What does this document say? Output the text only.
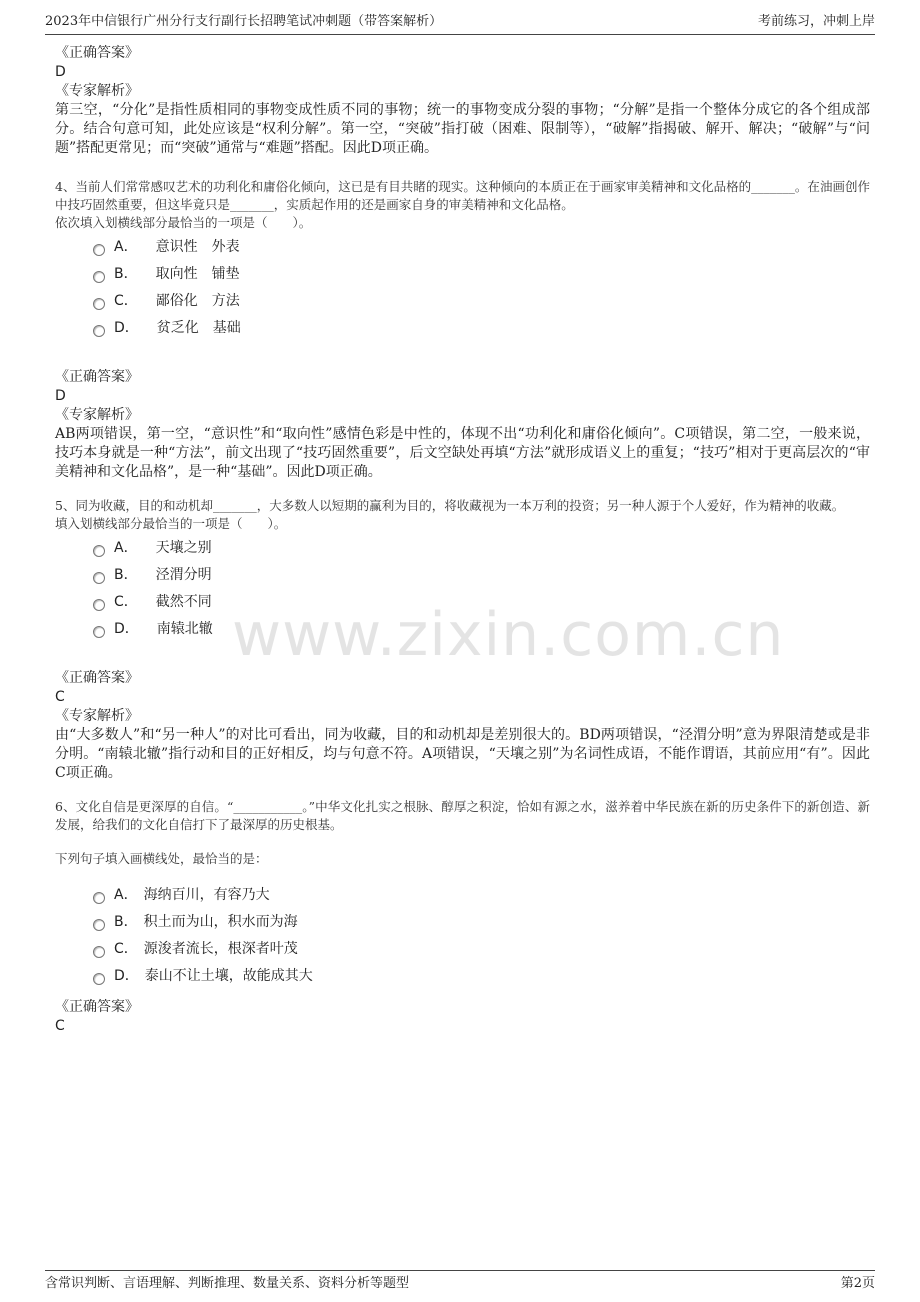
2023年中信银行广州分行支行副行长招聘笔试冲刺题（带答案解析）	考前练习，冲刺上岸
www.zixin.com.cn
《正确答案》
D
《专家解析》
第三空，“分化”是指性质相同的事物变成性质不同的事物；统一的事物变成分裂的事物；“分解”是指一个整体分成它的各个组成部分。结合句意可知，此处应该是“权利分解”。第一空，“突破”指打破（困难、限制等），“破解”指揭破、解开、解决；“破解”与“问题”搭配更常见；而“突破”通常与“难题”搭配。因此D项正确。
4、当前人们常常感叹艺术的功利化和庸俗化倾向，这已是有目共睹的现实。这种倾向的本质正在于画家审美精神和文化品格的_______。在油画创作中技巧固然重要，但这毕竟只是_______，实质起作用的还是画家自身的审美精神和文化品格。
依次填入划横线部分最恰当的一项是（　　）。
A． 意识性　外表
B． 取向性　铺垫
C． 鄙俗化　方法
D． 贫乏化　基础
《正确答案》
D
《专家解析》
AB两项错误，第一空，“意识性”和“取向性”感情色彩是中性的，体现不出“功利化和庸俗化倾向”。C项错误，第二空，一般来说，技巧本身就是一种“方法”，前文出现了“技巧固然重要”，后文空缺处再填“方法”就形成语义上的重复；“技巧”相对于更高层次的“审美精神和文化品格”，是一种“基础”。因此D项正确。
5、同为收藏，目的和动机却_______，大多数人以短期的赢利为目的，将收藏视为一本万利的投资；另一种人源于个人爱好，作为精神的收藏。
填入划横线部分最恰当的一项是（　　）。
A． 天壤之别
B． 泾渭分明
C． 截然不同
D． 南辕北辙
《正确答案》
C
《专家解析》
由“大多数人”和“另一种人”的对比可看出，同为收藏，目的和动机却是差别很大的。BD两项错误，“泾渭分明”意为界限清楚或是非分明。“南辕北辙”指行动和目的正好相反，均与句意不符。A项错误，“天壤之别”为名词性成语，不能作谓语，其前应用“有”。因此C项正确。
6、文化自信是更深厚的自信。“___________。”中华文化扎实之根脉、醇厚之积淀，恰如有源之水，滋养着中华民族在新的历史条件下的新创造、新发展，给我们的文化自信打下了最深厚的历史根基。
下列句子填入画横线处，最恰当的是：
A． 海纳百川，有容乃大
B． 积土而为山，积水而为海
C． 源浚者流长，根深者叶茂
D． 泰山不让土壤，故能成其大
《正确答案》
C
含常识判断、言语理解、判断推理、数量关系、资料分析等题型	第2页
